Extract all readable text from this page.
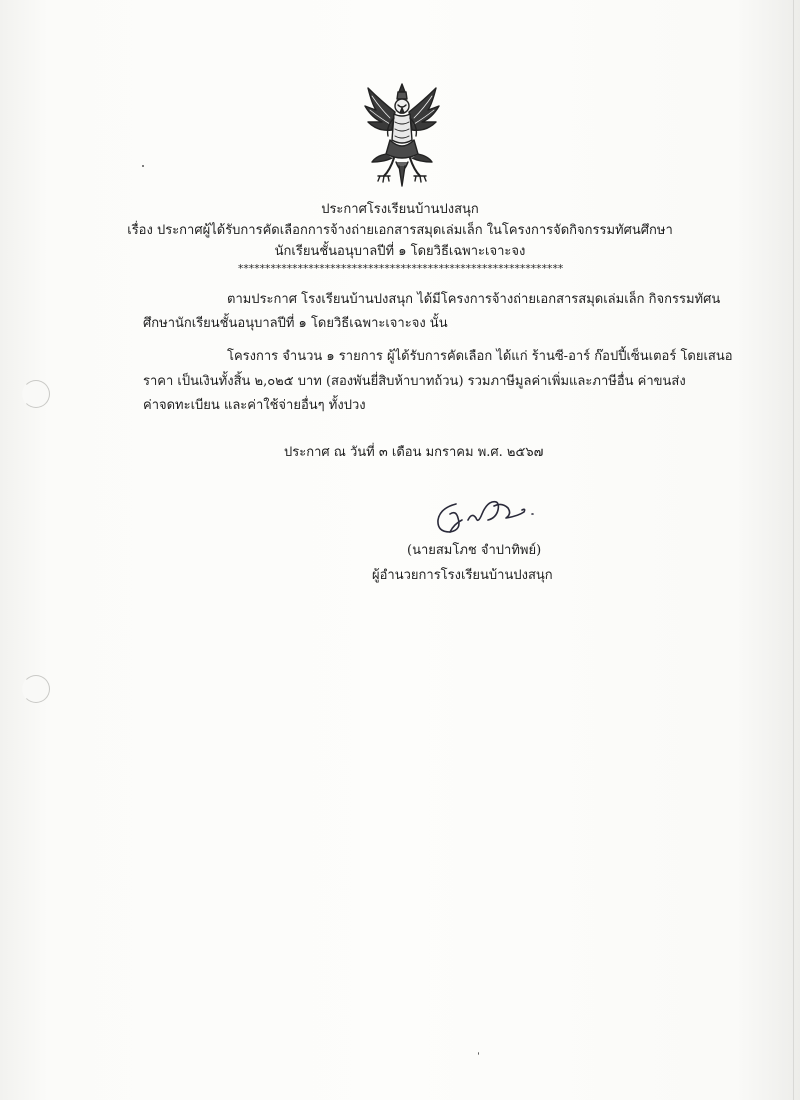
ประกาศโรงเรียนบ้านปงสนุก
เรื่อง ประกาศผู้ได้รับการคัดเลือกการจ้างถ่ายเอกสารสมุดเล่มเล็ก ในโครงการจัดกิจกรรมทัศนศึกษา
นักเรียนชั้นอนุบาลปีที่ ๑ โดยวิธีเฉพาะเจาะจง
************************************************************
ตามประกาศ โรงเรียนบ้านปงสนุก ได้มีโครงการจ้างถ่ายเอกสารสมุดเล่มเล็ก กิจกรรมทัศน
ศึกษานักเรียนชั้นอนุบาลปีที่ ๑ โดยวิธีเฉพาะเจาะจง นั้น
โครงการ จำนวน ๑ รายการ ผู้ได้รับการคัดเลือก ได้แก่ ร้านซี-อาร์ ก๊อปปี้เซ็นเตอร์ โดยเสนอ
ราคา เป็นเงินทั้งสิ้น ๒,๐๒๕ บาท (สองพันยี่สิบห้าบาทถ้วน) รวมภาษีมูลค่าเพิ่มและภาษีอื่น ค่าขนส่ง
ค่าจดทะเบียน และค่าใช้จ่ายอื่นๆ ทั้งปวง
ประกาศ ณ วันที่ ๓ เดือน มกราคม พ.ศ. ๒๕๖๗
(นายสมโภช จำปาทิพย์)
ผู้อำนวยการโรงเรียนบ้านปงสนุก
